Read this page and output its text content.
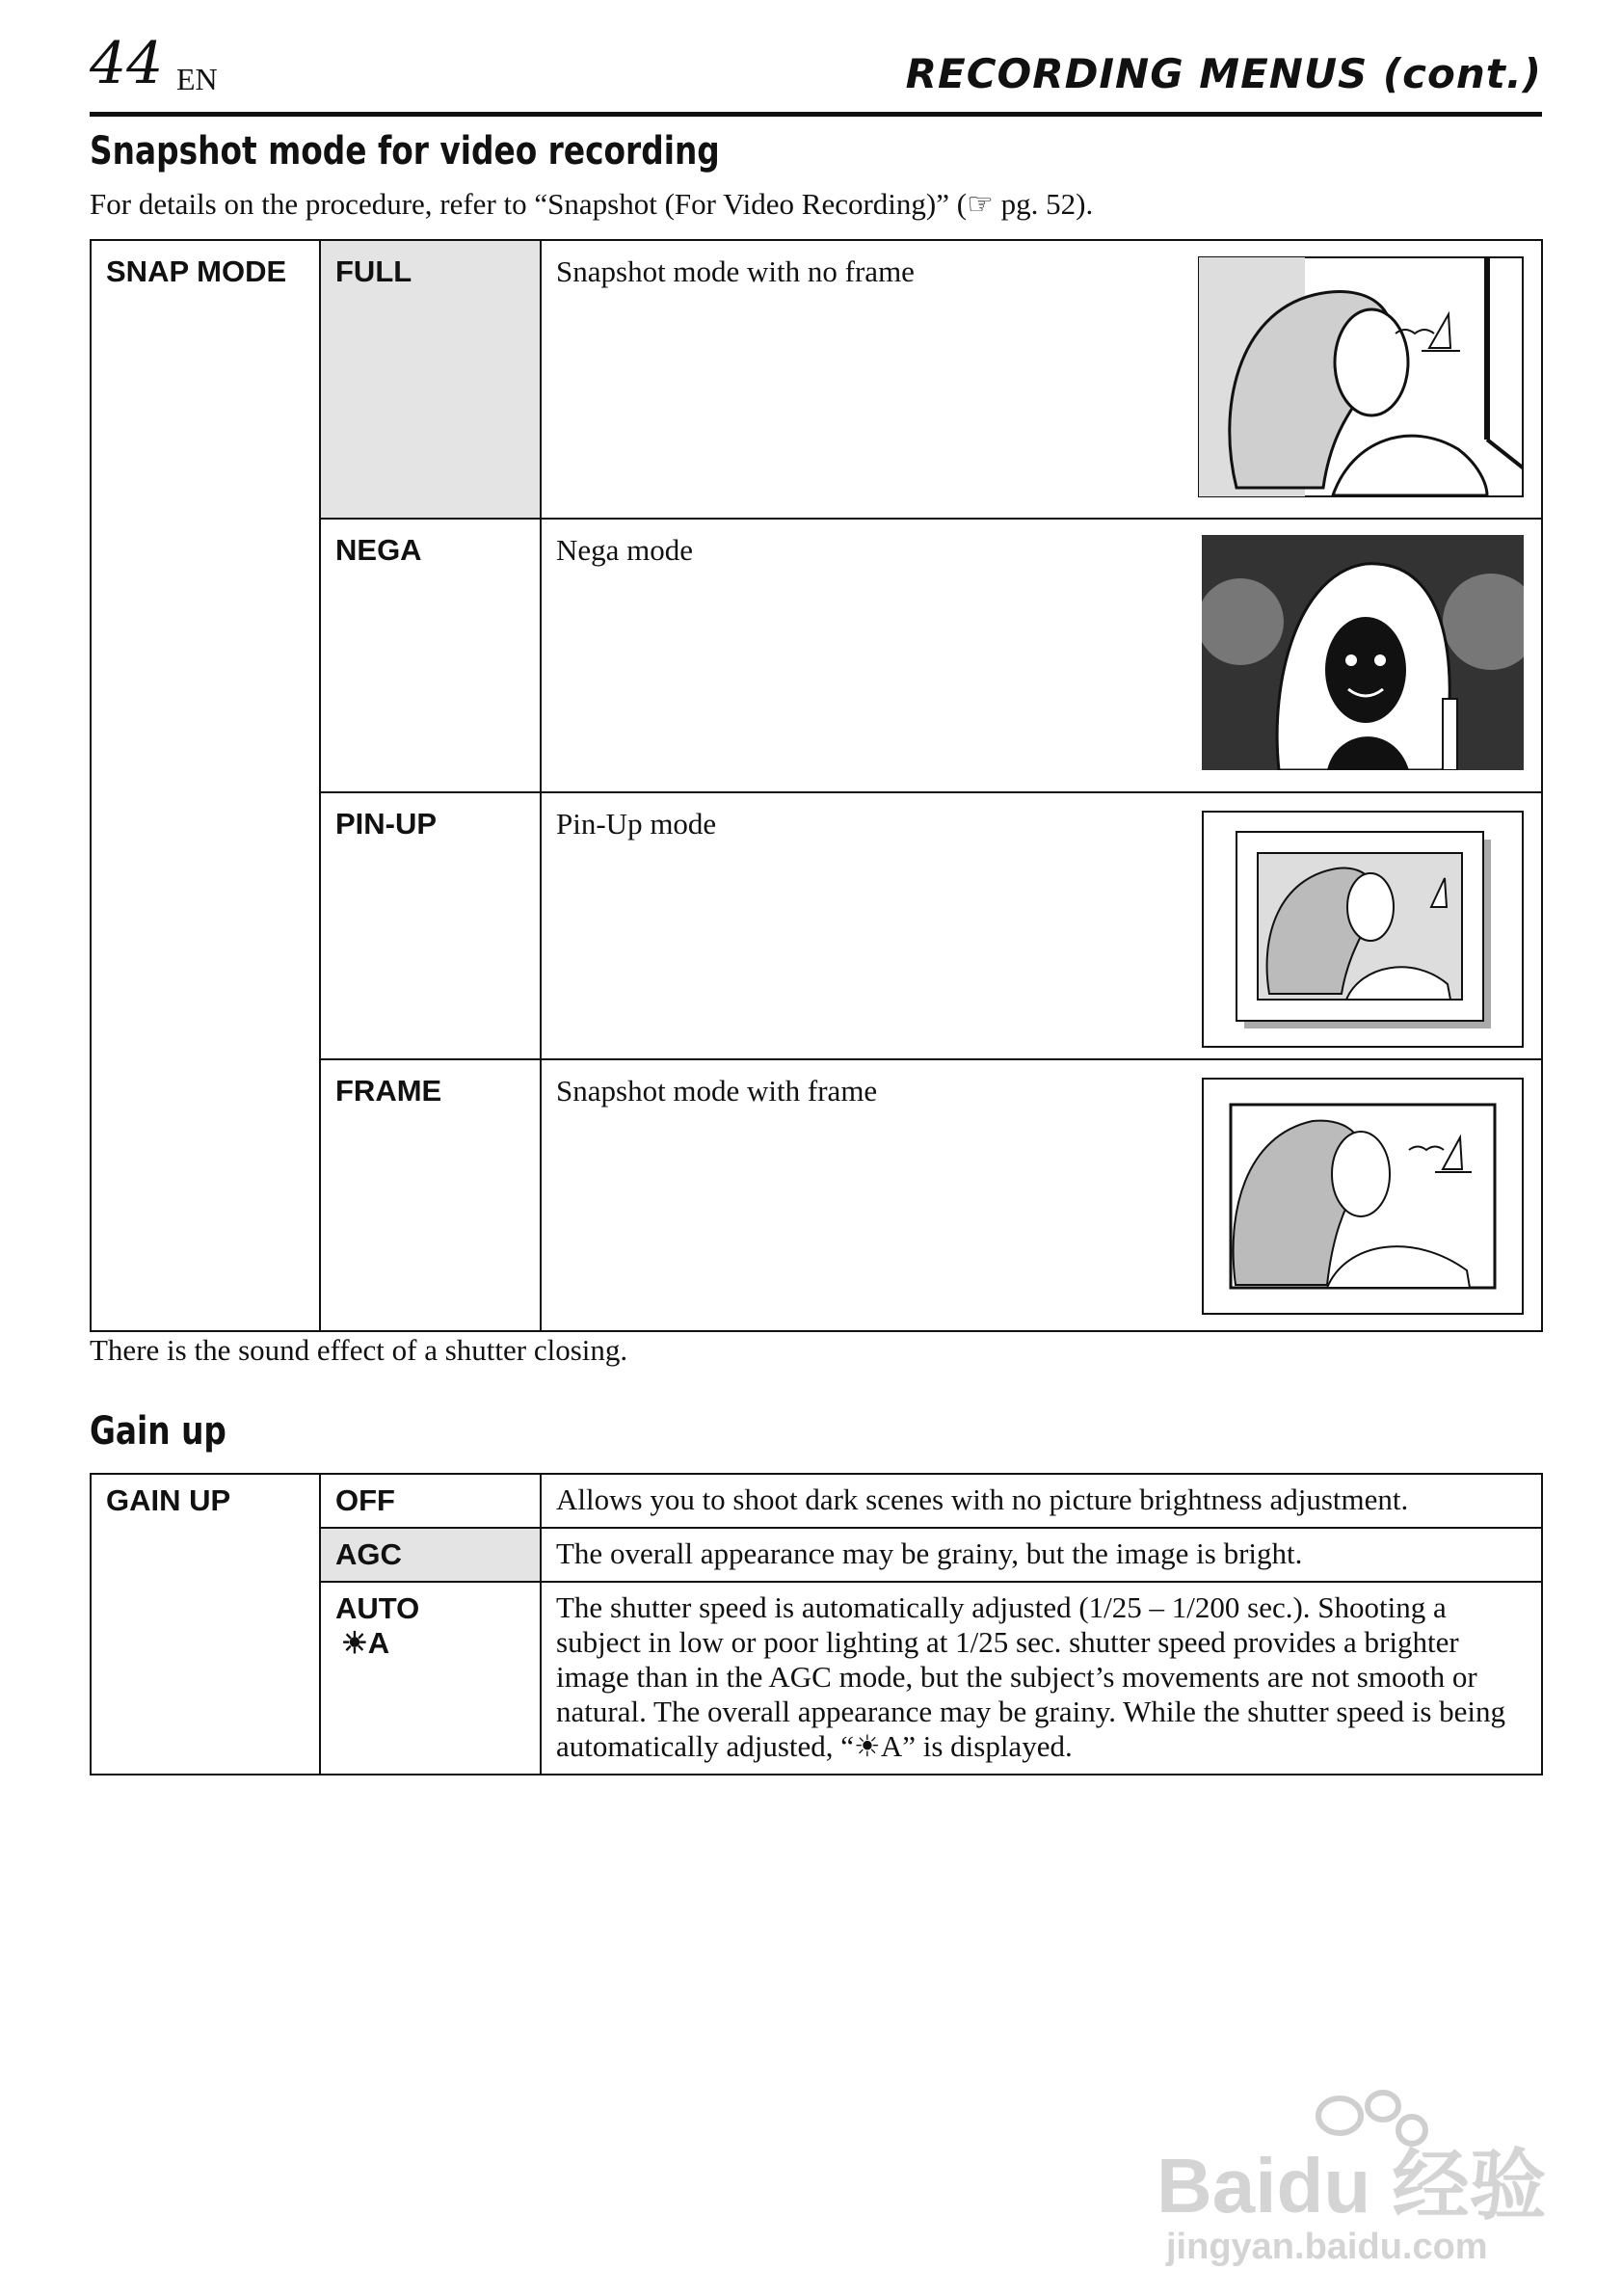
44 EN	RECORDING MENUS (cont.)
Snapshot mode for video recording

For details on the procedure, refer to “Snapshot (For Video Recording)” (☞ pg. 52).

SNAP MODE	FULL	Snapshot mode with no frame

	NEGA	Nega mode

	PIN-UP	Pin-Up mode

	FRAME	Snapshot mode with frame

There is the sound effect of a shutter closing.

Gain up
GAIN UP	OFF	Allows you to shoot dark scenes with no picture brightness adjustment.
	AGC	The overall appearance may be grainy, but the image is bright.

	AUTO
☀A	The shutter speed is automatically adjusted (1/25 – 1/200 sec.). Shooting a subject in low or poor lighting at 1/25 sec. shutter speed provides a brighter image than in the AGC mode, but the subject’s movements are not smooth or natural. The overall appearance may be grainy. While the shutter speed is being automatically adjusted, “☀A” is displayed.
Baidu 经验
jingyan.baidu.com
